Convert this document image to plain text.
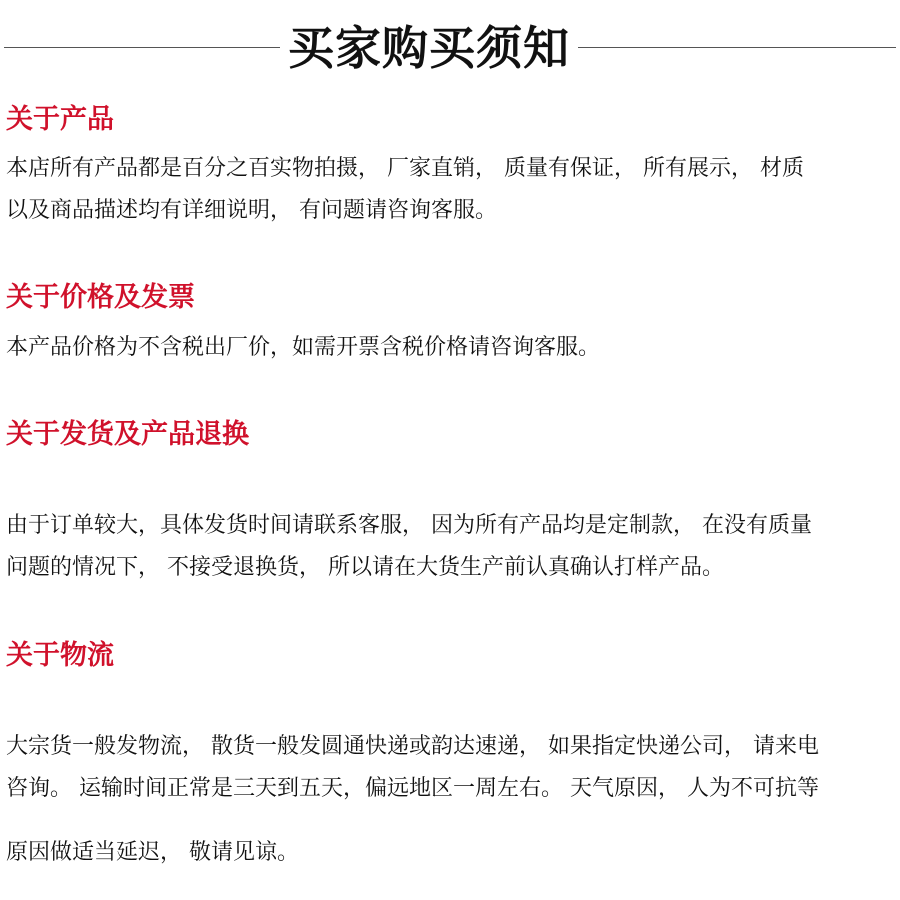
买家购买须知
关于产品
本店所有产品都是百分之百实物拍摄， 厂家直销， 质量有保证， 所有展示， 材质
以及商品描述均有详细说明， 有问题请咨询客服。
关于价格及发票
本产品价格为不含税出厂价，如需开票含税价格请咨询客服。
关于发货及产品退换
由于订单较大，具体发货时间请联系客服， 因为所有产品均是定制款， 在没有质量
问题的情况下， 不接受退换货， 所以请在大货生产前认真确认打样产品。
关于物流
大宗货一般发物流， 散货一般发圆通快递或韵达速递， 如果指定快递公司， 请来电
咨询。 运输时间正常是三天到五天，偏远地区一周左右。 天气原因， 人为不可抗等
原因做适当延迟， 敬请见谅。
